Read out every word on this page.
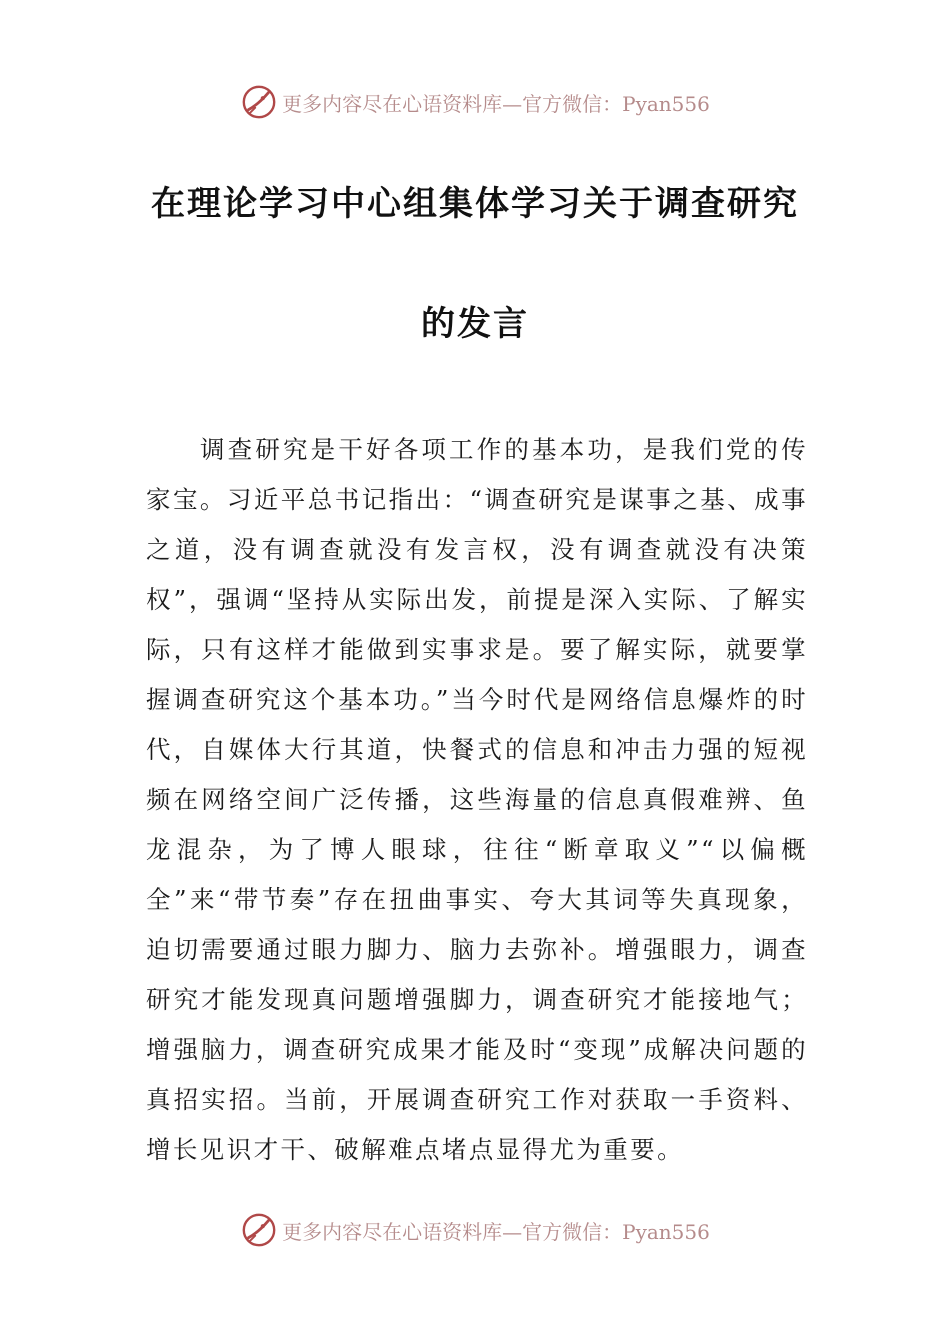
更多内容尽在心语资料库—官方微信：Pyan556
在理论学习中心组集体学习关于调查研究
的发言

调查研究是干好各项工作的基本功，是我们党的传家宝。习近平总书记指出：“调查研究是谋事之基、成事之道，没有调查就没有发言权，没有调查就没有决策权”，强调“坚持从实际出发，前提是深入实际、了解实际，只有这样才能做到实事求是。要了解实际，就要掌握调查研究这个基本功。”当今时代是网络信息爆炸的时代，自媒体大行其道，快餐式的信息和冲击力强的短视频在网络空间广泛传播，这些海量的信息真假难辨、鱼龙混杂，为了博人眼球，往往“断章取义”“以偏概全”来“带节奏”存在扭曲事实、夸大其词等失真现象，迫切需要通过眼力脚力、脑力去弥补。增强眼力，调查研究才能发现真问题增强脚力，调查研究才能接地气；增强脑力，调查研究成果才能及时“变现”成解决问题的真招实招。当前，开展调查研究工作对获取一手资料、增长见识才干、破解难点堵点显得尤为重要。

更多内容尽在心语资料库—官方微信：Pyan556
